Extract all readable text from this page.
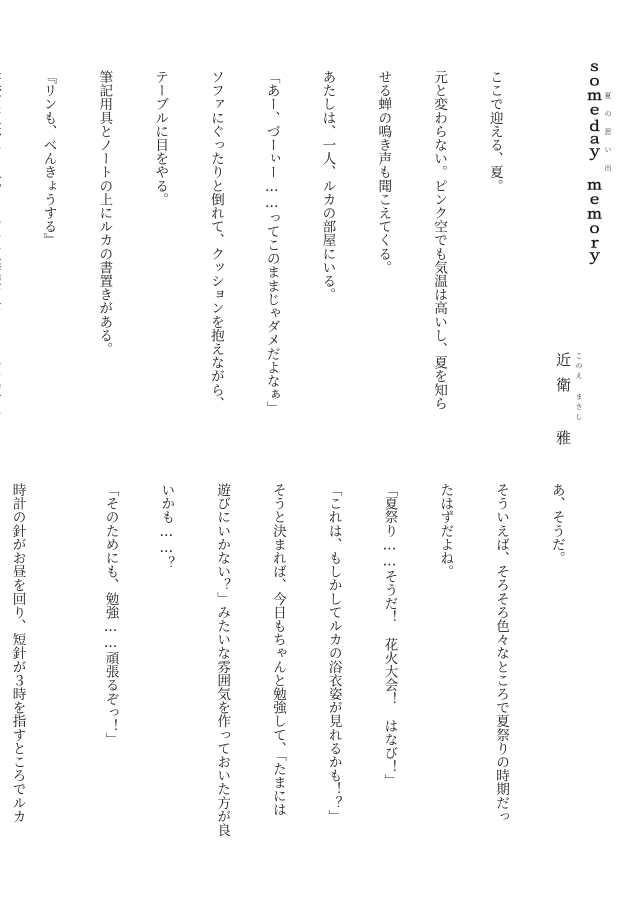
ｓｏｍｅｄａｙ ｍｅｍｏｒｙ 夏の思い出
近衛 雅 このえ まさし

ここで迎える、夏。

元と変わらない。ピンク空でも気温は高いし、夏を知ら

せる蝉の鳴き声も聞こえてくる。

あたしは、一人、ルカの部屋にいる。

「あー、づーぃー……ってこのままじゃダメだよなぁ」

ソファにぐったりと倒れて、クッションを抱えながら、

テーブルに目をやる。

筆記用具とノートの上にルカの書置きがある。

『リンも、べんきょうする』

あ、そうだ。

そういえば、そろそろ色々なところで夏祭りの時期だっ

たはずだよね。

「夏祭り……そうだ！　花火大会！　はなび！」

「これは、もしかしてルカの浴衣姿が見れるかも！？」

そうと決まれば、今日もちゃんと勉強して、「たまには

遊びにいかない？」みたいな雰囲気を作っておいた方が良

いかも……？

「そのためにも、勉強……頑張るぞっ！」

時計の針がお昼を回り、短針が３時を指すところでルカ
